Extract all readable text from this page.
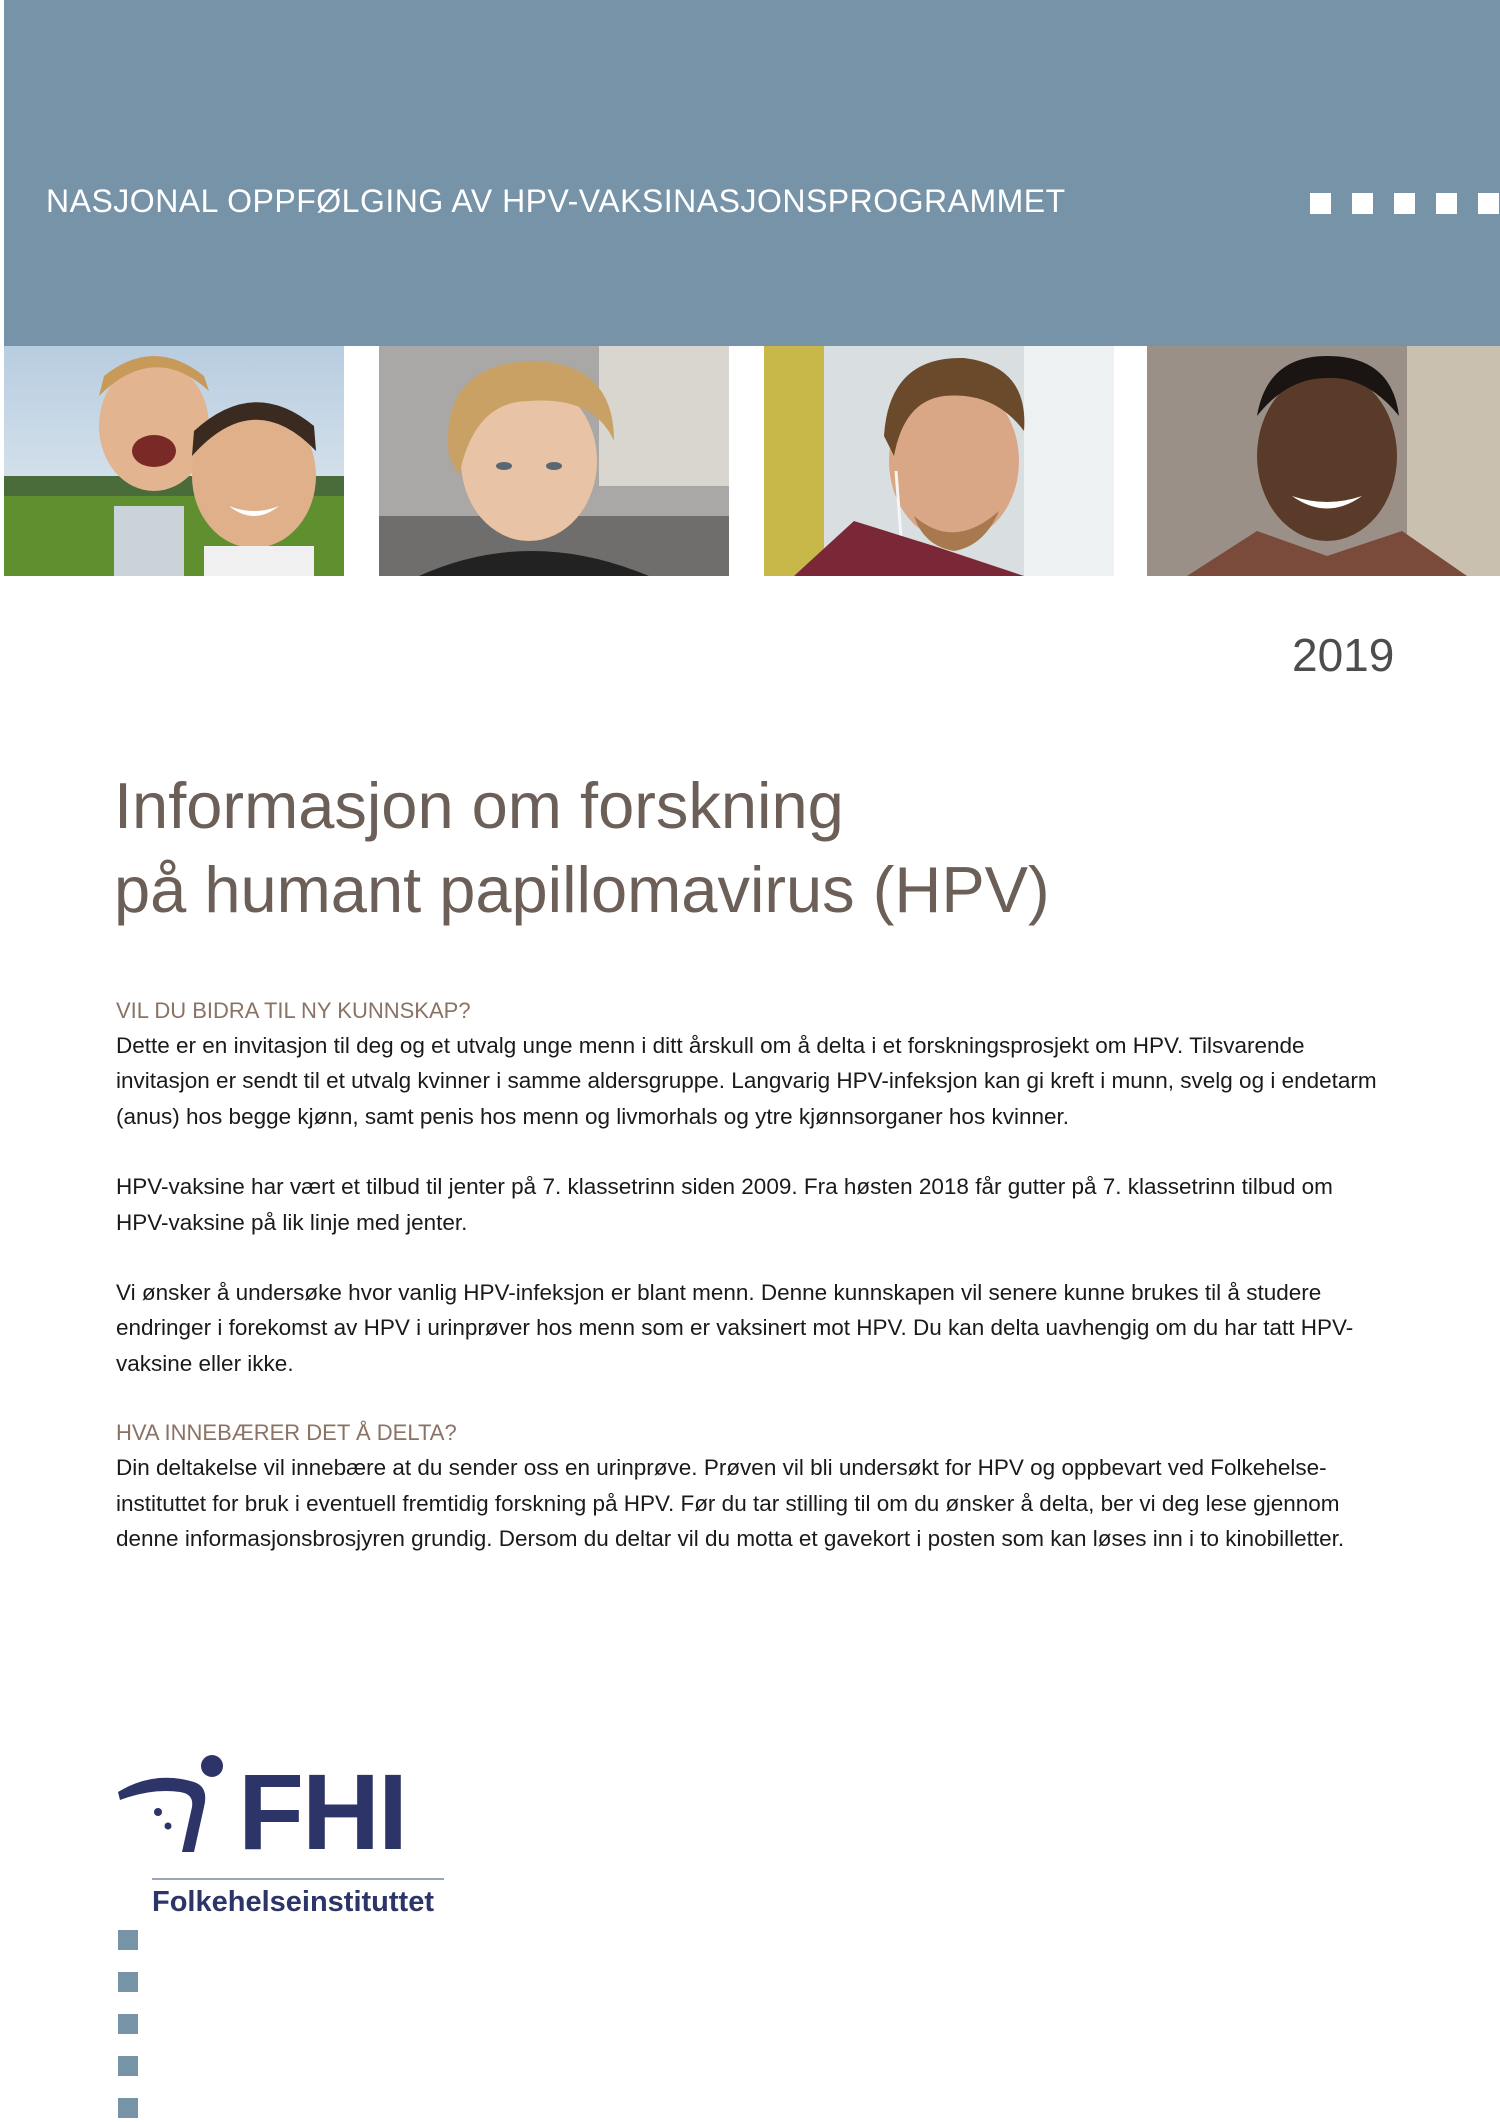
NASJONAL OPPFØLGING AV HPV-VAKSINASJONSPROGRAMMET
2019
Informasjon om forskning
på humant papillomavirus (HPV)
VIL DU BIDRA TIL NY KUNNSKAP?

Dette er en invitasjon til deg og et utvalg unge menn i ditt årskull om å delta i et forskningsprosjekt om HPV. Tilsvarende invitasjon er sendt til et utvalg kvinner i samme aldersgruppe. Langvarig HPV-infeksjon kan gi kreft i munn, svelg og i endetarm (anus) hos begge kjønn, samt penis hos menn og livmorhals og ytre kjønnsorganer hos kvinner.

HPV-vaksine har vært et tilbud til jenter på 7. klassetrinn siden 2009. Fra høsten 2018 får gutter på 7. klassetrinn tilbud om HPV-vaksine på lik linje med jenter.

Vi ønsker å undersøke hvor vanlig HPV-infeksjon er blant menn. Denne kunnskapen vil senere kunne brukes til å studere endringer i forekomst av HPV i urinprøver hos menn som er vaksinert mot HPV. Du kan delta uavhengig om du har tatt HPV-vaksine eller ikke.

HVA INNEBÆRER DET Å DELTA?

Din deltakelse vil innebære at du sender oss en urinprøve. Prøven vil bli undersøkt for HPV og oppbevart ved Folkehelse-instituttet for bruk i eventuell fremtidig forskning på HPV. Før du tar stilling til om du ønsker å delta, ber vi deg lese gjennom denne informasjonsbrosjyren grundig. Dersom du deltar vil du motta et gavekort i posten som kan løses inn i to kinobilletter.

FHI
Folkehelseinstituttet
